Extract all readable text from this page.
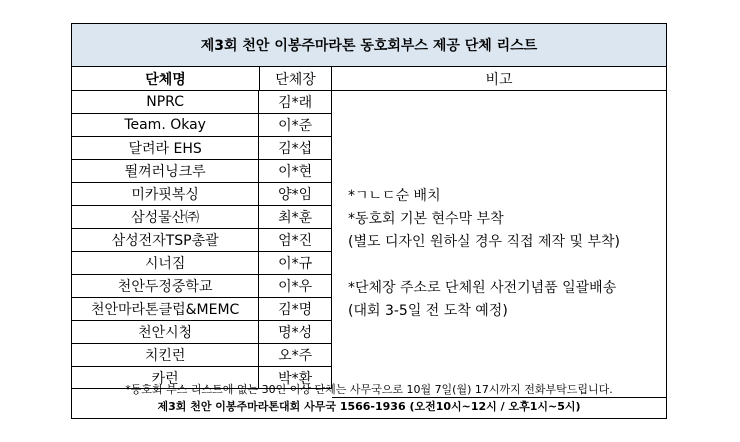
제3회 천안 이봉주마라톤 동호회부스 제공 단체 리스트
단체명	단체장	비고
NPRC	김*래
Team. Okay	이*준
달려라 EHS	김*섭
뛸껴러닝크루	이*현
미카핏복싱	양*임
삼성물산㈜	최*훈
삼성전자TSP총괄	엄*진
시너짐	이*규
천안두정중학교	이*우
천안마라톤클럽&MEMC	김*명
천안시청	명*성
치킨런	오*주
카런	박*환
*ㄱㄴㄷ순 배치
*동호회 기본 현수막 부착
(별도 디자인 원하실 경우 직접 제작 및 부착)
*단체장 주소로 단체원 사전기념품 일괄배송
(대회 3-5일 전 도착 예정)
*동호회 부스 리스트에 없는 30인 이상 단체는 사무국으로 10월 7일(월) 17시까지 전화부탁드립니다.
제3회 천안 이봉주마라톤대회 사무국 1566-1936 (오전10시~12시 / 오후1시~5시)
